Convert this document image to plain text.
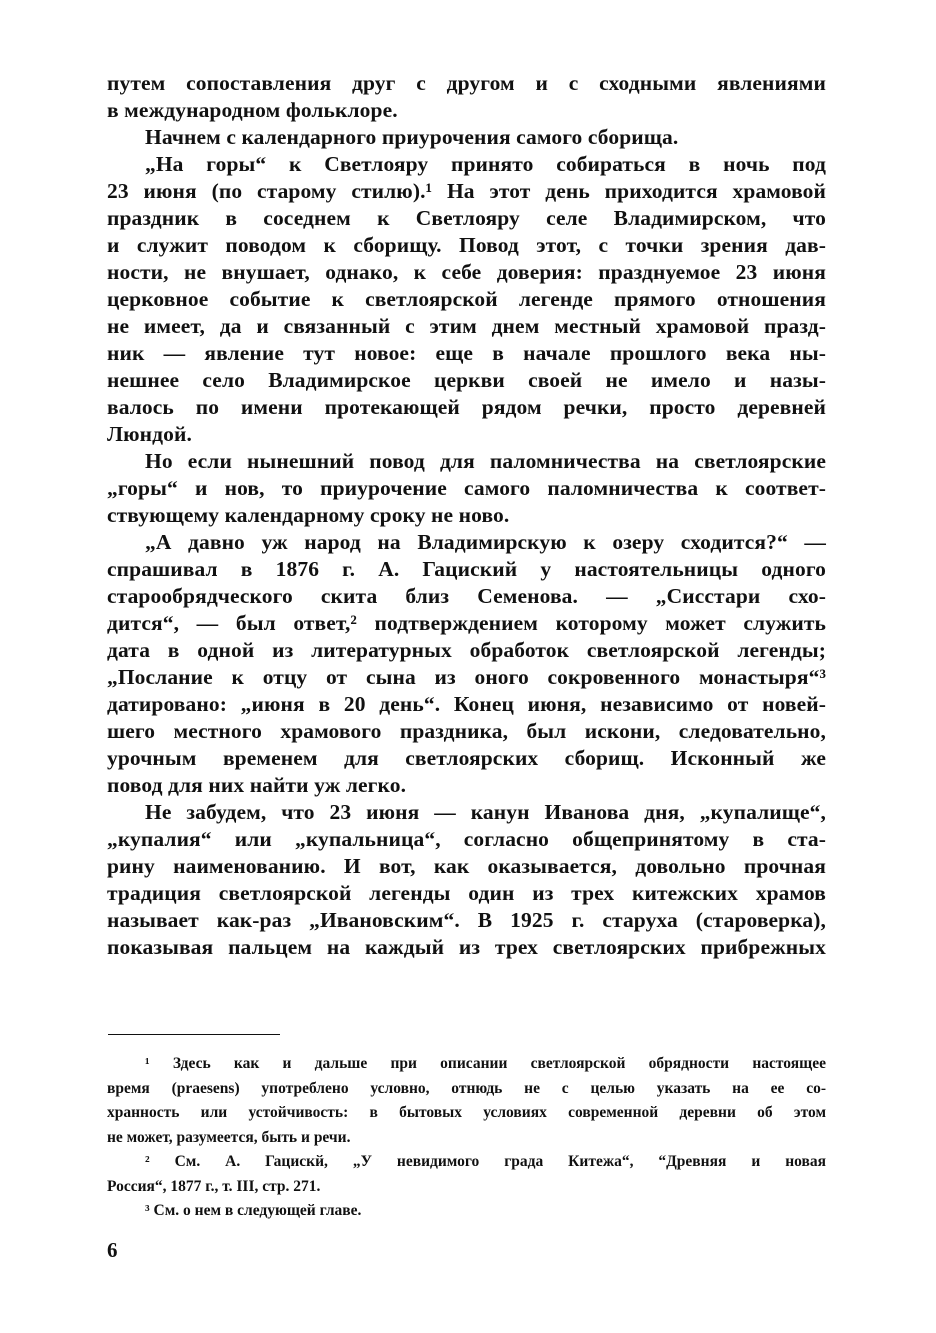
путем сопоставления друг с другом и с сходными явлениями
в международном фольклоре.
Начнем с календарного приурочения самого сборища.
„На горы“ к Светлояру принято собираться в ночь под
23 июня (по старому стилю).¹ На этот день приходится храмовой
праздник в соседнем к Светлояру селе Владимирском, что
и служит поводом к сборищу. Повод этот, с точки зрения дав-
ности, не внушает, однако, к себе доверия: празднуемое 23 июня
церковное событие к светлоярской легенде прямого отношения
не имеет, да и связанный с этим днем местный храмовой празд-
ник — явление тут новое: еще в начале прошлого века ны-
нешнее село Владимирское церкви своей не имело и назы-
валось по имени протекающей рядом речки, просто деревней
Люндой.
Но если нынешний повод для паломничества на светлоярские
„горы“ и нов, то приурочение самого паломничества к соответ-
ствующему календарному сроку не ново.
„А давно уж народ на Владимирскую к озеру сходится?“ —
спрашивал в 1876 г. А. Гациский у настоятельницы одного
старообрядческого скита близ Семенова. — „Сисстари схо-
дится“, — был ответ,² подтверждением которому может служить
дата в одной из литературных обработок светлоярской легенды;
„Послание к отцу от сына из оного сокровенного монастыря“³
датировано: „июня в 20 день“. Конец июня, независимо от новей-
шего местного храмового праздника, был искони, следовательно,
урочным временем для светлоярских сборищ. Исконный же
повод для них найти уж легко.
Не забудем, что 23 июня — канун Иванова дня, „купалище“,
„купалия“ или „купальница“, согласно общепринятому в ста-
рину наименованию. И вот, как оказывается, довольно прочная
традиция светлоярской легенды один из трех китежских храмов
называет как-раз „Ивановским“. В 1925 г. старуха (староверка),
показывая пальцем на каждый из трех светлоярских прибрежных
¹ Здесь как и дальше при описании светлоярской обрядности настоящее
время (praesens) употреблено условно, отнюдь не с целью указать на ее со-
хранность или устойчивость: в бытовых условиях современной деревни об этом
не может, разумеется, быть и речи.
² См. А. Гацискй, „У невидимого града Китежа“, “Древняя и новая
Россия“, 1877 г., т. III, стр. 271.
³ См. о нем в следующей главе.
6
